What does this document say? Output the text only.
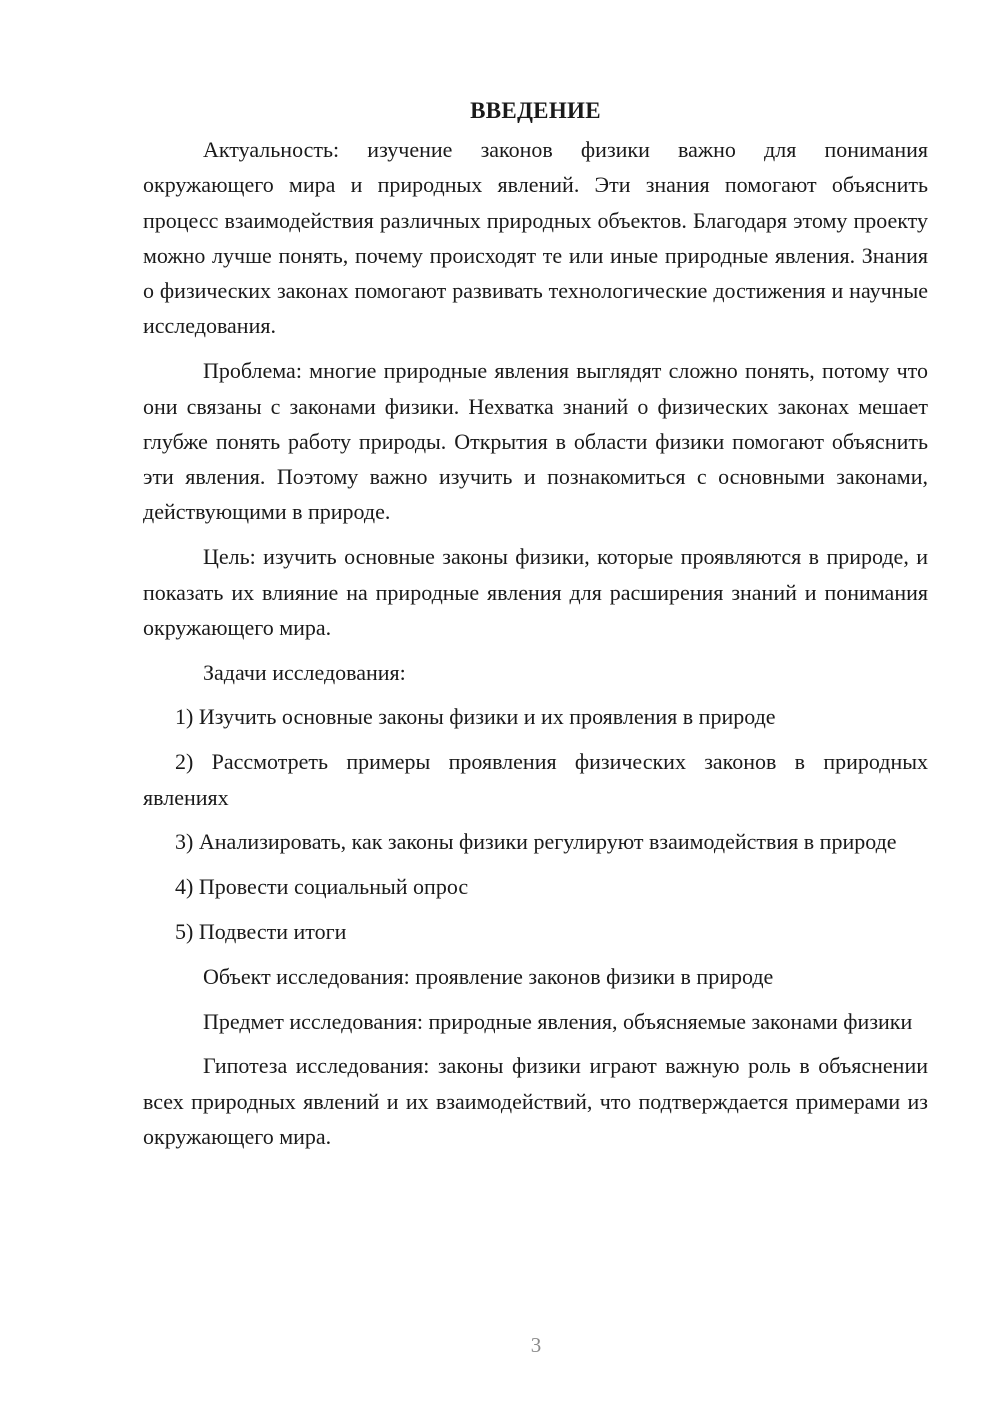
ВВЕДЕНИЕ

Актуальность: изучение законов физики важно для понимания окружающего мира и природных явлений. Эти знания помогают объяснить процесс взаимодействия различных природных объектов. Благодаря этому проекту можно лучше понять, почему происходят те или иные природные явления. Знания о физических законах помогают развивать технологические достижения и научные исследования.

Проблема: многие природные явления выглядят сложно понять, потому что они связаны с законами физики. Нехватка знаний о физических законах мешает глубже понять работу природы. Открытия в области физики помогают объяснить эти явления. Поэтому важно изучить и познакомиться с основными законами, действующими в природе.

Цель: изучить основные законы физики, которые проявляются в природе, и показать их влияние на природные явления для расширения знаний и понимания окружающего мира.

Задачи исследования:

1) Изучить основные законы физики и их проявления в природе

2) Рассмотреть примеры проявления физических законов в природных явлениях

3) Анализировать, как законы физики регулируют взаимодействия в природе

4) Провести социальный опрос

5) Подвести итоги

Объект исследования: проявление законов физики в природе

Предмет исследования: природные явления, объясняемые законами физики

Гипотеза исследования: законы физики играют важную роль в объяснении всех природных явлений и их взаимодействий, что подтверждается примерами из окружающего мира.

3
